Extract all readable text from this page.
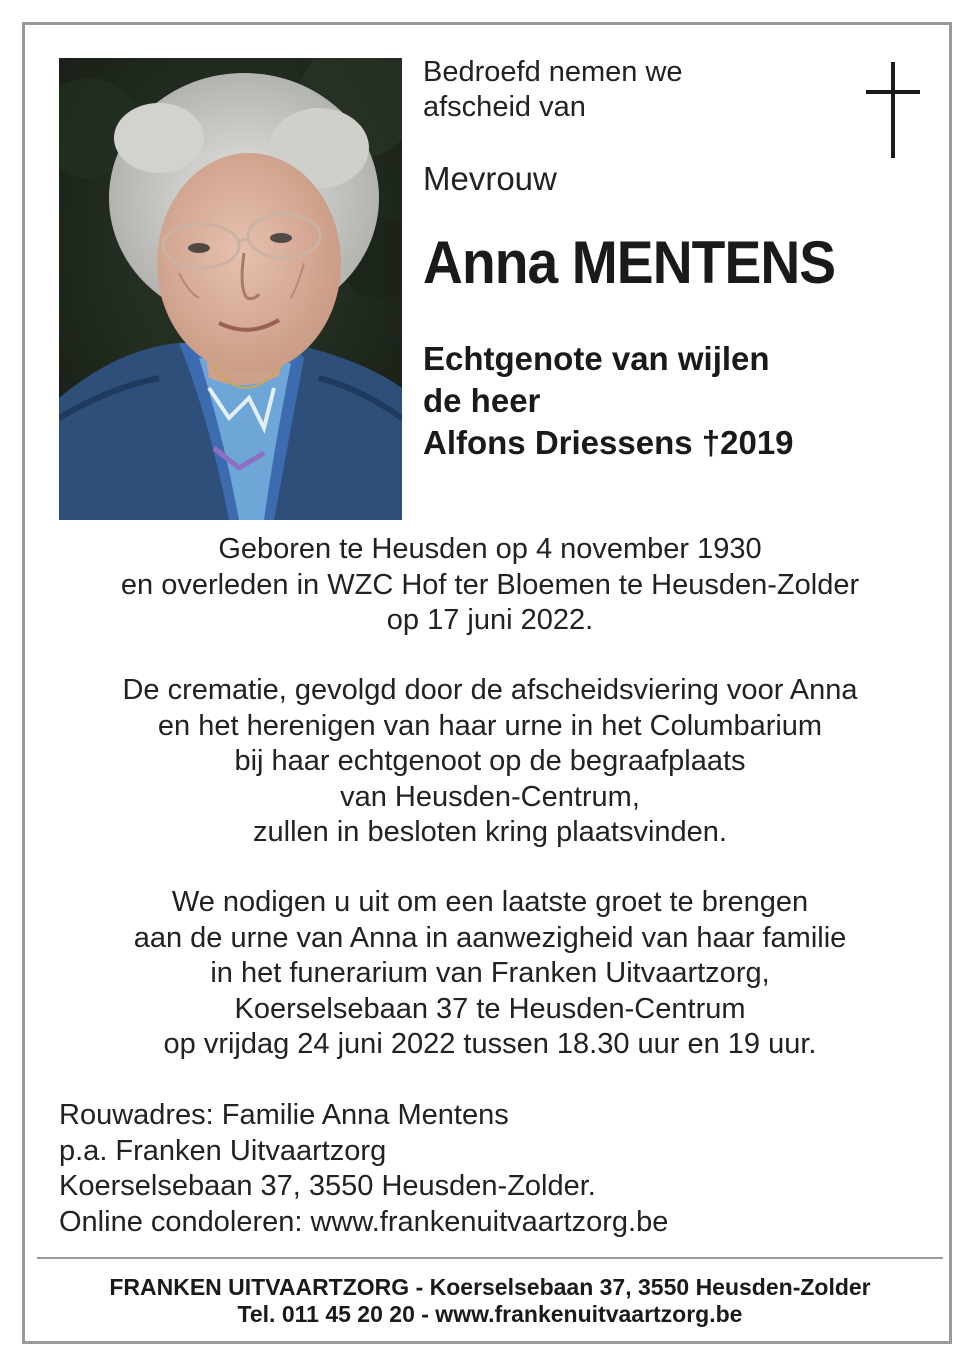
Bedroefd nemen we
afscheid van
Mevrouw
Anna MENTENS
Echtgenote van wijlen
de heer
Alfons Driessens †2019
Geboren te Heusden op 4 november 1930
en overleden in WZC Hof ter Bloemen te Heusden-Zolder
op 17 juni 2022.
De crematie, gevolgd door de afscheidsviering voor Anna
en het herenigen van haar urne in het Columbarium
bij haar echtgenoot op de begraafplaats
van Heusden-Centrum,
zullen in besloten kring plaatsvinden.
We nodigen u uit om een laatste groet te brengen
aan de urne van Anna in aanwezigheid van haar familie
in het funerarium van Franken Uitvaartzorg,
Koerselsebaan 37 te Heusden-Centrum
op vrijdag 24 juni 2022 tussen 18.30 uur en 19 uur.
Rouwadres: Familie Anna Mentens
p.a. Franken Uitvaartzorg
Koerselsebaan 37, 3550 Heusden-Zolder.
Online condoleren: www.frankenuitvaartzorg.be
FRANKEN UITVAARTZORG - Koerselsebaan 37, 3550 Heusden-Zolder
Tel. 011 45 20 20 - www.frankenuitvaartzorg.be
